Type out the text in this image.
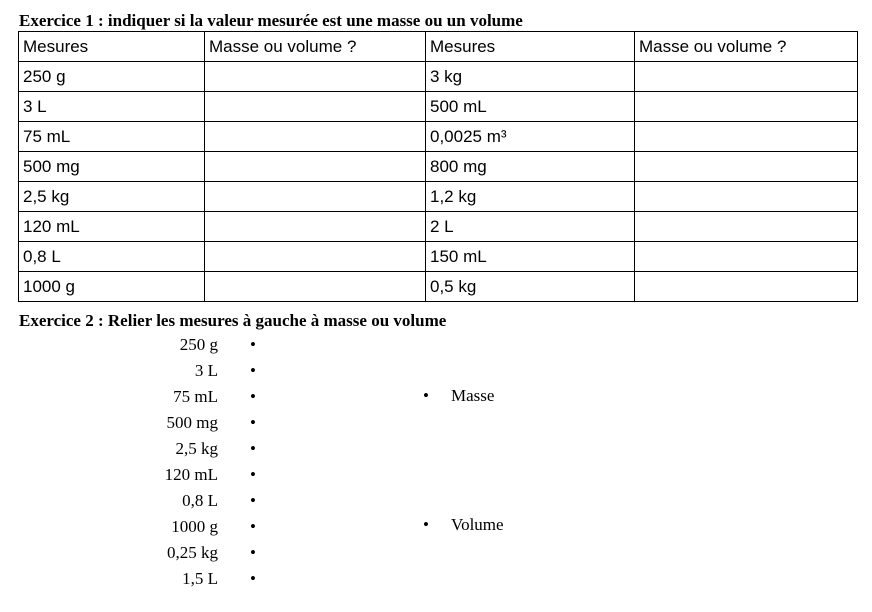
Exercice 1 : indiquer si la valeur mesurée est une masse ou un volume
Mesures	Masse ou volume ?	Mesures	Masse ou volume ?
250 g		3 kg	
3 L		500 mL	
75 mL		0,0025 m³	
500 mg		800 mg	
2,5 kg		1,2 kg	
120 mL		2 L	
0,8 L		150 mL	
1000 g		0,5 kg	
Exercice 2 : Relier les mesures à gauche à masse ou volume
250 g •
3 L •
75 mL •
500 mg •
2,5 kg •
120 mL •
0,8 L •
1000 g •
0,25 kg •
1,5 L •
• Masse
• Volume
